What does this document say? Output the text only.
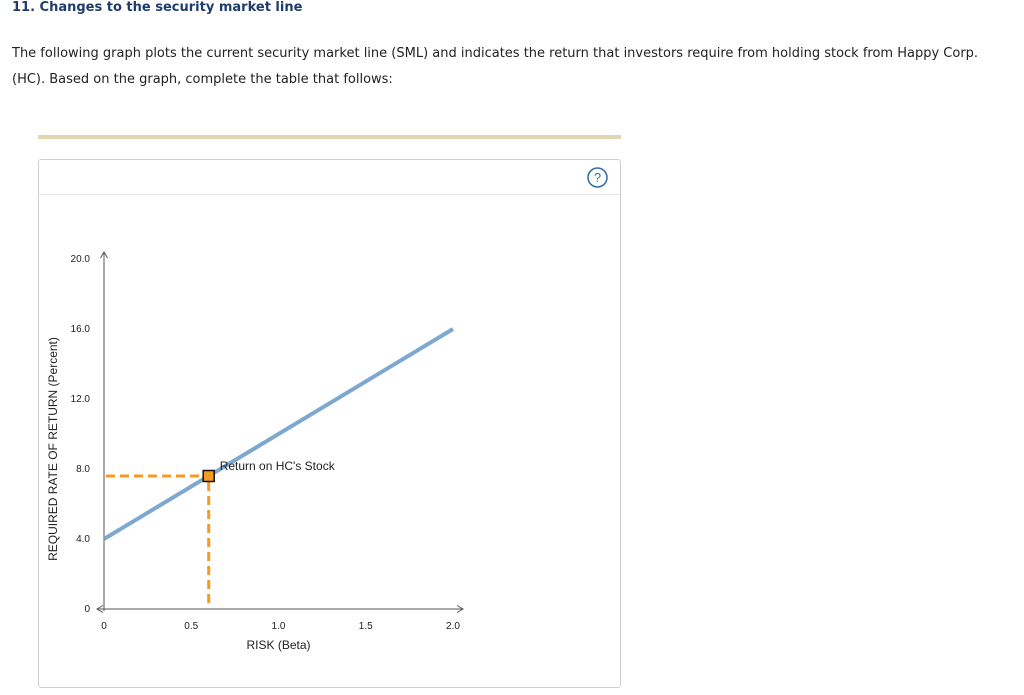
11. Changes to the security market line

The following graph plots the current security market line (SML) and indicates the return that investors require from holding stock from Happy Corp. (HC). Based on the graph, complete the table that follows:

?
0
4.0
8.0
12.0
16.0
20.0
0	0.5	1.0	1.5	2.0
RISK (Beta)
REQUIRED RATE OF RETURN (Percent)	Return on HC's Stock
